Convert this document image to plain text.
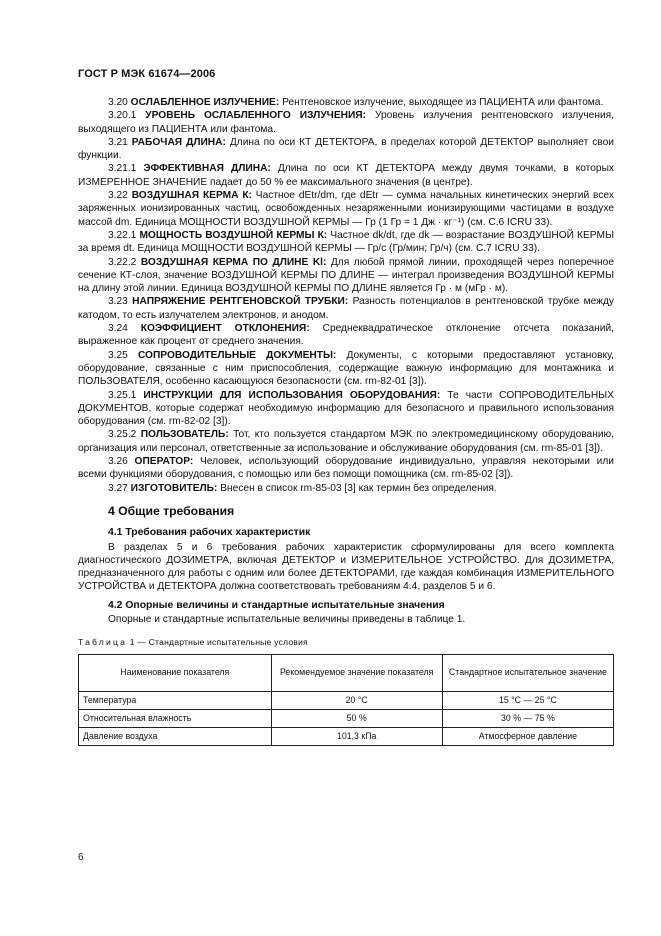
ГОСТ Р МЭК 61674—2006

3.20 ОСЛАБЛЕННОЕ ИЗЛУЧЕНИЕ: Рентгеновское излучение, выходящее из ПАЦИЕНТА или фантома.

3.20.1 УРОВЕНЬ ОСЛАБЛЕННОГО ИЗЛУЧЕНИЯ: Уровень излучения рентгеновского излучения, выходящего из ПАЦИЕНТА или фантома.

3.21 РАБОЧАЯ ДЛИНА: Длина по оси КТ ДЕТЕКТОРА, в пределах которой ДЕТЕКТОР выполняет свои функции.

3.21.1 ЭФФЕКТИВНАЯ ДЛИНА: Длина по оси КТ ДЕТЕКТОРА между двумя точками, в которых ИЗМЕРЕННОЕ ЗНАЧЕНИЕ падает до 50 % ее максимального значения (в центре).

3.22 ВОЗДУШНАЯ КЕРМА К: Частное dEtr/dm, где dEtr — сумма начальных кинетических энергий всех заряженных ионизированных частиц, освобожденных незаряженными ионизирующими частицами в воздухе массой dm. Единица МОЩНОСТИ ВОЗДУШНОЙ КЕРМЫ — Гр (1 Гр = 1 Дж · кг⁻¹) (см. С.6 ICRU 33).

3.22.1 МОЩНОСТЬ ВОЗДУШНОЙ КЕРМЫ К: Частное dk/dt, где dk — возрастание ВОЗДУШНОЙ КЕРМЫ за время dt. Единица МОЩНОСТИ ВОЗДУШНОЙ КЕРМЫ — Гр/с (Гр/мин; Гр/ч) (см. С.7 ICRU 33).

3.22.2 ВОЗДУШНАЯ КЕРМА ПО ДЛИНЕ Kl: Для любой прямой линии, проходящей через поперечное сечение КТ-слоя, значение ВОЗДУШНОЙ КЕРМЫ ПО ДЛИНЕ — интеграл произведения ВОЗДУШНОЙ КЕРМЫ на длину этой линии. Единица ВОЗДУШНОЙ КЕРМЫ ПО ДЛИНЕ является Гр · м (мГр · м).

3.23 НАПРЯЖЕНИЕ РЕНТГЕНОВСКОЙ ТРУБКИ: Разность потенциалов в рентгеновской трубке между катодом, то есть излучателем электронов, и анодом.

3.24 КОЭФФИЦИЕНТ ОТКЛОНЕНИЯ: Среднеквадратическое отклонение отсчета показаний, выраженное как процент от среднего значения.

3.25 СОПРОВОДИТЕЛЬНЫЕ ДОКУМЕНТЫ: Документы, с которыми предоставляют установку, оборудование, связанные с ним приспособления, содержащие важную информацию для монтажника и ПОЛЬЗОВАТЕЛЯ, особенно касающуюся безопасности (см. rm-82-01 [3]).

3.25.1 ИНСТРУКЦИИ ДЛЯ ИСПОЛЬЗОВАНИЯ ОБОРУДОВАНИЯ: Те части СОПРОВОДИТЕЛЬНЫХ ДОКУМЕНТОВ, которые содержат необходимую информацию для безопасного и правильного использования оборудования (см. rm-82-02 [3]).

3.25.2 ПОЛЬЗОВАТЕЛЬ: Тот, кто пользуется стандартом МЭК по электромедицинскому оборудованию, организация или персонал, ответственные за использование и обслуживание оборудования (см. rm-85-01 [3]).

3.26 ОПЕРАТОР: Человек, использующий оборудование индивидуально, управляя некоторыми или всеми функциями оборудования, с помощью или без помощи помощника (см. rm-85-02 [3]).

3.27 ИЗГОТОВИТЕЛЬ: Внесен в список rm-85-03 [3] как термин без определения.

4 Общие требования
4.1 Требования рабочих характеристик

В разделах 5 и 6 требования рабочих характеристик сформулированы для всего комплекта диагностического ДОЗИМЕТРА, включая ДЕТЕКТОР и ИЗМЕРИТЕЛЬНОЕ УСТРОЙСТВО. Для ДОЗИМЕТРА, предназначенного для работы с одним или более ДЕТЕКТОРАМИ, где каждая комбинация ИЗМЕРИТЕЛЬНОГО УСТРОЙСТВА и ДЕТЕКТОРА должна соответствовать требованиям 4.4, разделов 5 и 6.

4.2 Опорные величины и стандартные испытательные значения

Опорные и стандартные испытательные величины приведены в таблице 1.

Таблица 1 — Стандартные испытательные условия
Наименование показателя	Рекомендуемое значение показателя	Стандартное испытательное значение
Температура	20 °C	15 °C — 25 °C
Относительная влажность	50 %	30 % — 75 %
Давление воздуха	101,3 кПа	Атмосферное давление
6
